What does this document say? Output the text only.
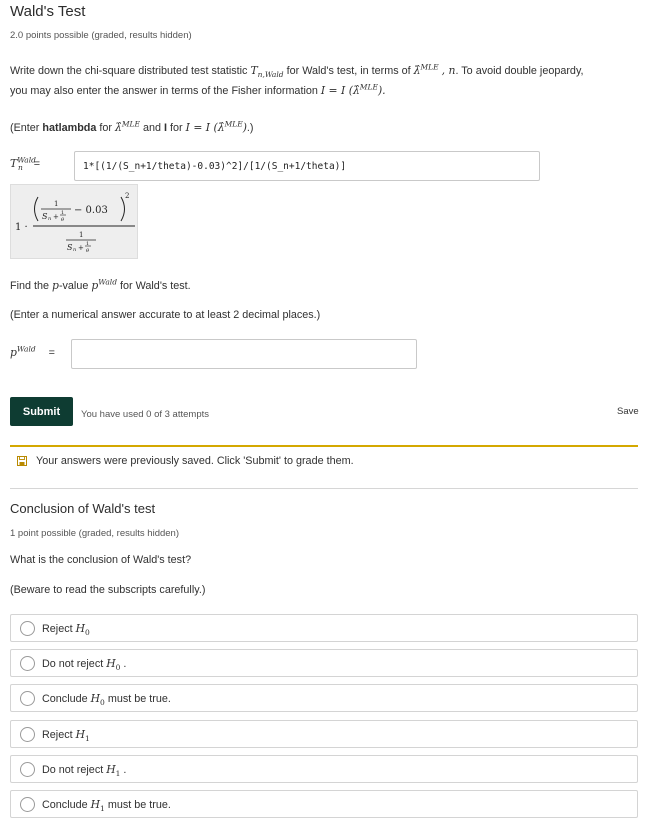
Wald's Test
2.0 points possible (graded, results hidden)
Write down the chi-square distributed test statistic $T_{n,Wald}$ for Wald's test, in terms of λ̂$^{MLE}$ , n. To avoid double jeopardy,
you may also enter the answer in terms of the Fisher information I = I (λ̂$^{MLE}$).
(Enter hatlambda for λ̂$^{MLE}$ and I for I = I (λ̂$^{MLE}$).)
$T^{Wald}_n$ =	1*[(1/(S_n+1/theta)-0.03)^2]/[1/(S_n+1/theta)]
1 ·
2
1
S n + 1
θ
− 0.03
1
S n + 1
θ
Find the p-value $p^{Wald}$ for Wald's test.
(Enter a numerical answer accurate to at least 2 decimal places.)
$p^{Wald}$ =
Submit	You have used 0 of 3 attempts	Save
Your answers were previously saved. Click 'Submit' to grade them.
Conclusion of Wald's test
1 point possible (graded, results hidden)
What is the conclusion of Wald's test?
(Beware to read the subscripts carefully.)
Reject $H_0$
Do not reject $H_0$ .
Conclude $H_0$ must be true.
Reject $H_1$
Do not reject $H_1$ .
Conclude $H_1$ must be true.
